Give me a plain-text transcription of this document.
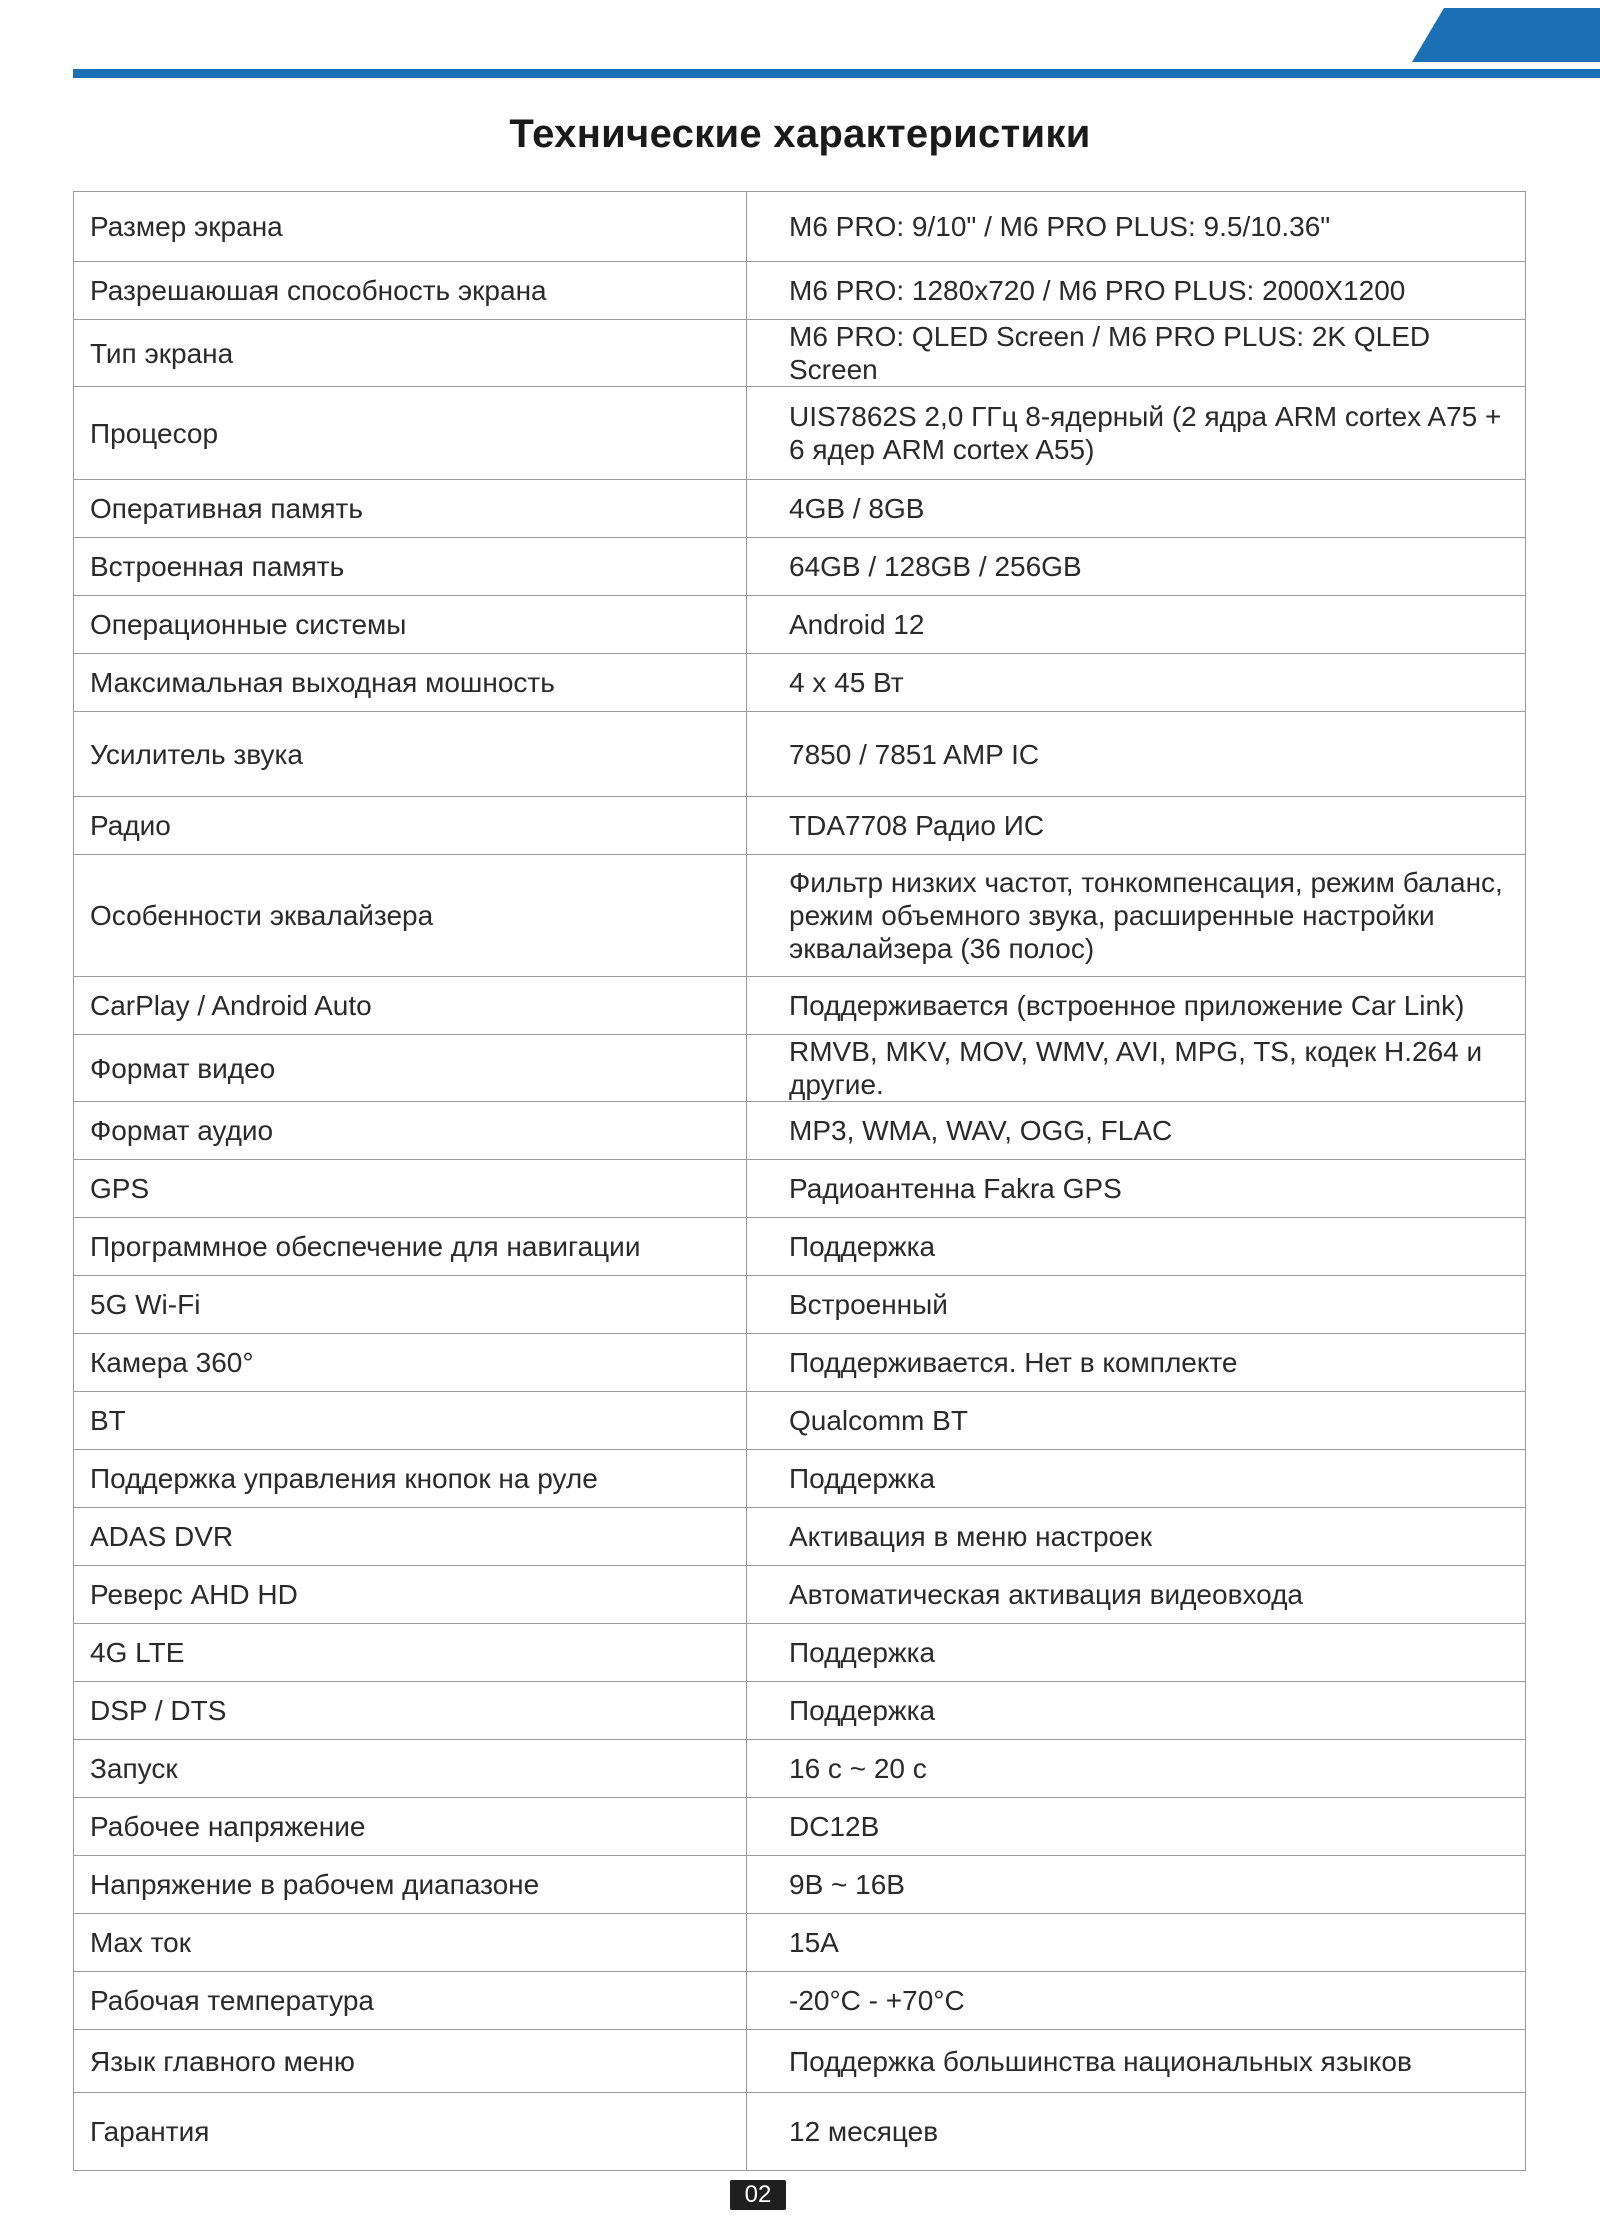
Технические характеристики
Размер экрана	M6 PRO: 9/10" / M6 PRO PLUS: 9.5/10.36"
Разрешаюшая способность экрана	M6 PRO: 1280x720 / M6 PRO PLUS: 2000X1200
Тип экрана	M6 PRO: QLED Screen / M6 PRO PLUS: 2K QLED Screen
Процесор	UIS7862S 2,0 ГГц 8-ядерный (2 ядра ARM cortex A75 + 6 ядер ARM cortex A55)
Оперативная память	4GB / 8GB
Встроенная память	64GB / 128GB / 256GB
Операционные системы	Android 12
Максимальная выходная мошность	4 x 45 Вт
Усилитель звука	7850 / 7851 AMP IC
Радио	TDA7708 Радио ИС
Особенности эквалайзера	Фильтр низких частот, тонкомпенсация, режим баланс, режим объемного звука, расширенные настройки эквалайзера (36 полос)
CarPlay / Android Auto	Поддерживается (встроенное приложение Car Link)
Формат видео	RMVB, MKV, MOV, WMV, AVI, MPG, TS, кодек H.264 и другие.
Формат аудио	MP3, WMA, WAV, OGG, FLAC
GPS	Радиоантенна Fakra GPS
Программное обеспечение для навигации	Поддержка
5G Wi-Fi	Встроенный
Камера 360°	Поддерживается. Нет в комплекте
BT	Qualcomm BT
Поддержка управления кнопок на руле	Поддержка
ADAS DVR	Активация в меню настроек
Реверс AHD HD	Автоматическая активация видеовхода
4G LTE	Поддержка
DSP / DTS	Поддержка
Запуск	16 с ~ 20 с
Рабочее напряжение	DC12B
Напряжение в рабочем диапазоне	9B ~ 16B
Max ток	15A
Рабочая температура	-20°C - +70°C
Язык главного меню	Поддержка большинства национальных языков
Гарантия	12 месяцев
02
